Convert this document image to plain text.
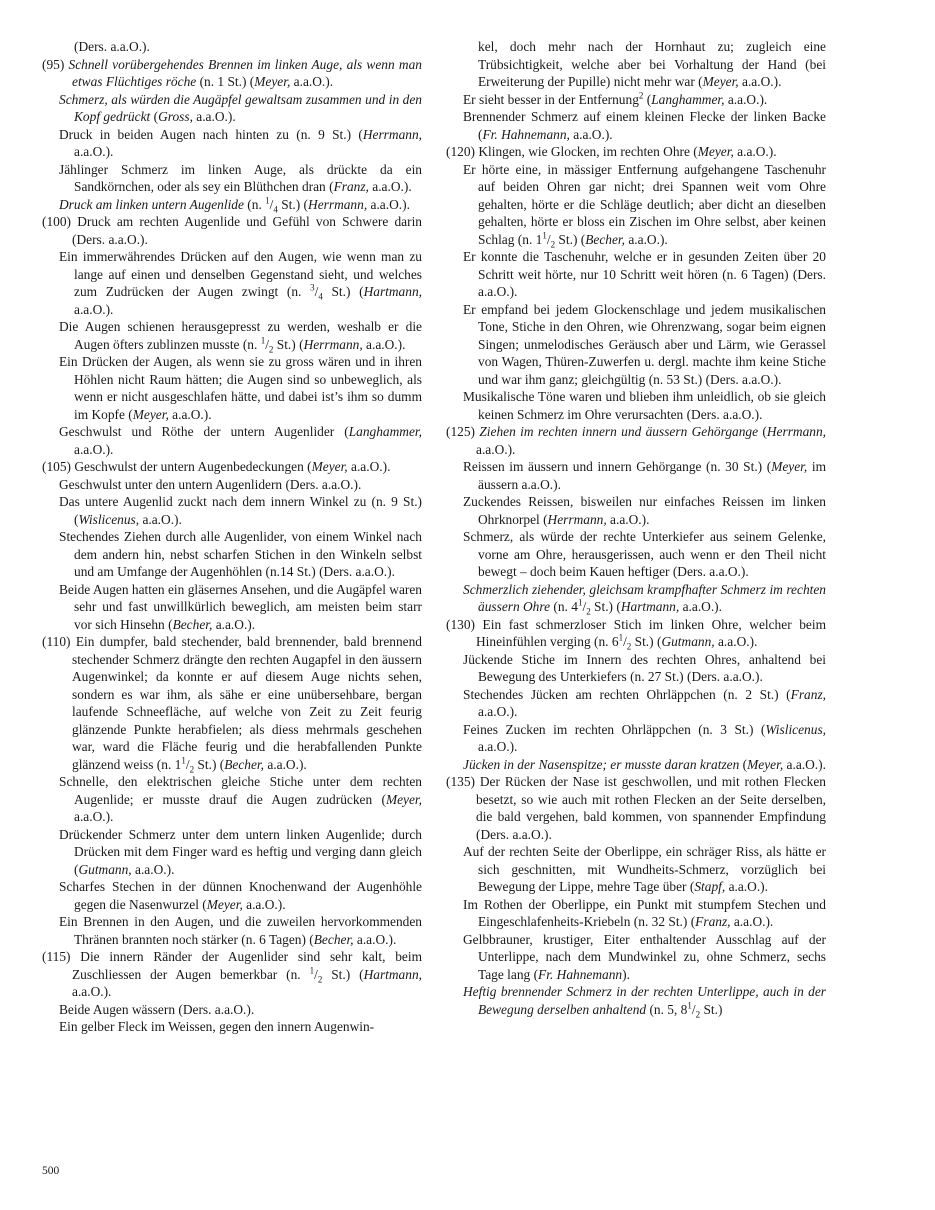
(Ders. a.a.O.).

(95) Schnell vorübergehendes Brennen im linken Auge, als wenn man etwas Flüchtiges röche (n. 1 St.) (Meyer, a.a.O.).

Schmerz, als würden die Augäpfel gewaltsam zusammen und in den Kopf gedrückt (Gross, a.a.O.).

Druck in beiden Augen nach hinten zu (n. 9 St.) (Herrmann, a.a.O.).

Jählinger Schmerz im linken Auge, als drückte da ein Sandkörnchen, oder als sey ein Blüthchen dran (Franz, a.a.O.).

Druck am linken untern Augenlide (n. $^1/_4$ St.) (Herrmann, a.a.O.).

(100) Druck am rechten Augenlide und Gefühl von Schwere darin (Ders. a.a.O.).

Ein immerwährendes Drücken auf den Augen, wie wenn man zu lange auf einen und denselben Gegenstand sieht, und welches zum Zudrücken der Augen zwingt (n. $^3/_4$ St.) (Hartmann, a.a.O.).

Die Augen schienen herausgepresst zu werden, weshalb er die Augen öfters zublinzen musste (n. $^1/_2$ St.) (Herrmann, a.a.O.).

Ein Drücken der Augen, als wenn sie zu gross wären und in ihren Höhlen nicht Raum hätten; die Augen sind so unbeweglich, als wenn er nicht ausgeschlafen hätte, und dabei ist’s ihm so dumm im Kopfe (Meyer, a.a.O.).

Geschwulst und Röthe der untern Augenlider (Langhammer, a.a.O.).

(105) Geschwulst der untern Augenbedeckungen (Meyer, a.a.O.).

Geschwulst unter den untern Augenlidern (Ders. a.a.O.).

Das untere Augenlid zuckt nach dem innern Winkel zu (n. 9 St.) (Wislicenus, a.a.O.).

Stechendes Ziehen durch alle Augenlider, von einem Winkel nach dem andern hin, nebst scharfen Stichen in den Winkeln selbst und am Umfange der Augenhöhlen (n.14 St.) (Ders. a.a.O.).

Beide Augen hatten ein gläsernes Ansehen, und die Augäpfel waren sehr und fast unwillkürlich beweglich, am meisten beim starr vor sich Hinsehn (Becher, a.a.O.).

(110) Ein dumpfer, bald stechender, bald brennender, bald brennend stechender Schmerz drängte den rechten Augapfel in den äussern Augenwinkel; da konnte er auf diesem Auge nichts sehen, sondern es war ihm, als sähe er eine unübersehbare, bergan laufende Schneefläche, auf welche von Zeit zu Zeit feurig glänzende Punkte herabfielen; als diess mehrmals geschehen war, ward die Fläche feurig und die herabfallenden Punkte glänzend weiss (n. $1^1/_2$ St.) (Becher, a.a.O.).

Schnelle, den elektrischen gleiche Stiche unter dem rechten Augenlide; er musste drauf die Augen zudrücken (Meyer, a.a.O.).

Drückender Schmerz unter dem untern linken Augenlide; durch Drücken mit dem Finger ward es heftig und verging dann gleich (Gutmann, a.a.O.).

Scharfes Stechen in der dünnen Knochenwand der Augenhöhle gegen die Nasenwurzel (Meyer, a.a.O.).

Ein Brennen in den Augen, und die zuweilen hervorkommenden Thränen brannten noch stärker (n. 6 Tagen) (Becher, a.a.O.).

(115) Die innern Ränder der Augenlider sind sehr kalt, beim Zuschliessen der Augen bemerkbar (n. $^1/_2$ St.) (Hartmann, a.a.O.).

Beide Augen wässern (Ders. a.a.O.).

Ein gelber Fleck im Weissen, gegen den innern Augenwin-

kel, doch mehr nach der Hornhaut zu; zugleich eine Trübsichtigkeit, welche aber bei Vorhaltung der Hand (bei Erweiterung der Pupille) nicht mehr war (Meyer, a.a.O.).

Er sieht besser in der Entfernung$^2$ (Langhammer, a.a.O.).

Brennender Schmerz auf einem kleinen Flecke der linken Backe (Fr. Hahnemann, a.a.O.).

(120) Klingen, wie Glocken, im rechten Ohre (Meyer, a.a.O.).

Er hörte eine, in mässiger Entfernung aufgehangene Taschenuhr auf beiden Ohren gar nicht; drei Spannen weit vom Ohre gehalten, hörte er die Schläge deutlich; aber dicht an dieselben gehalten, hörte er bloss ein Zischen im Ohre selbst, aber keinen Schlag (n. $1^1/_2$ St.) (Becher, a.a.O.).

Er konnte die Taschenuhr, welche er in gesunden Zeiten über 20 Schritt weit hörte, nur 10 Schritt weit hören (n. 6 Tagen) (Ders. a.a.O.).

Er empfand bei jedem Glockenschlage und jedem musikalischen Tone, Stiche in den Ohren, wie Ohrenzwang, sogar beim eignen Singen; unmelodisches Geräusch aber und Lärm, wie Gerassel von Wagen, Thüren-Zuwerfen u. dergl. machte ihm keine Stiche und war ihm ganz; gleichgültig (n. 53 St.) (Ders. a.a.O.).

Musikalische Töne waren und blieben ihm unleidlich, ob sie gleich keinen Schmerz im Ohre verursachten (Ders. a.a.O.).

(125) Ziehen im rechten innern und äussern Gehörgange (Herrmann, a.a.O.).

Reissen im äussern und innern Gehörgange (n. 30 St.) (Meyer, im äussern a.a.O.).

Zuckendes Reissen, bisweilen nur einfaches Reissen im linken Ohrknorpel (Herrmann, a.a.O.).

Schmerz, als würde der rechte Unterkiefer aus seinem Gelenke, vorne am Ohre, herausgerissen, auch wenn er den Theil nicht bewegt – doch beim Kauen heftiger (Ders. a.a.O.).

Schmerzlich ziehender, gleichsam krampfhafter Schmerz im rechten äussern Ohre (n. $4^1/_2$ St.) (Hartmann, a.a.O.).

(130) Ein fast schmerzloser Stich im linken Ohre, welcher beim Hineinfühlen verging (n. $6^1/_2$ St.) (Gutmann, a.a.O.).

Jückende Stiche im Innern des rechten Ohres, anhaltend bei Bewegung des Unterkiefers (n. 27 St.) (Ders. a.a.O.).

Stechendes Jücken am rechten Ohrläppchen (n. 2 St.) (Franz, a.a.O.).

Feines Zucken im rechten Ohrläppchen (n. 3 St.) (Wislicenus, a.a.O.).

Jücken in der Nasenspitze; er musste daran kratzen (Meyer, a.a.O.).

(135) Der Rücken der Nase ist geschwollen, und mit rothen Flecken besetzt, so wie auch mit rothen Flecken an der Seite derselben, die bald vergehen, bald kommen, von spannender Empfindung (Ders. a.a.O.).

Auf der rechten Seite der Oberlippe, ein schräger Riss, als hätte er sich geschnitten, mit Wundheits-Schmerz, vorzüglich bei Bewegung der Lippe, mehre Tage über (Stapf, a.a.O.).

Im Rothen der Oberlippe, ein Punkt mit stumpfem Stechen und Eingeschlafenheits-Kriebeln (n. 32 St.) (Franz, a.a.O.).

Gelbbrauner, krustiger, Eiter enthaltender Ausschlag auf der Unterlippe, nach dem Mundwinkel zu, ohne Schmerz, sechs Tage lang (Fr. Hahnemann).

Heftig brennender Schmerz in der rechten Unterlippe, auch in der Bewegung derselben anhaltend (n. 5, $8^1/_2$ St.)

500
